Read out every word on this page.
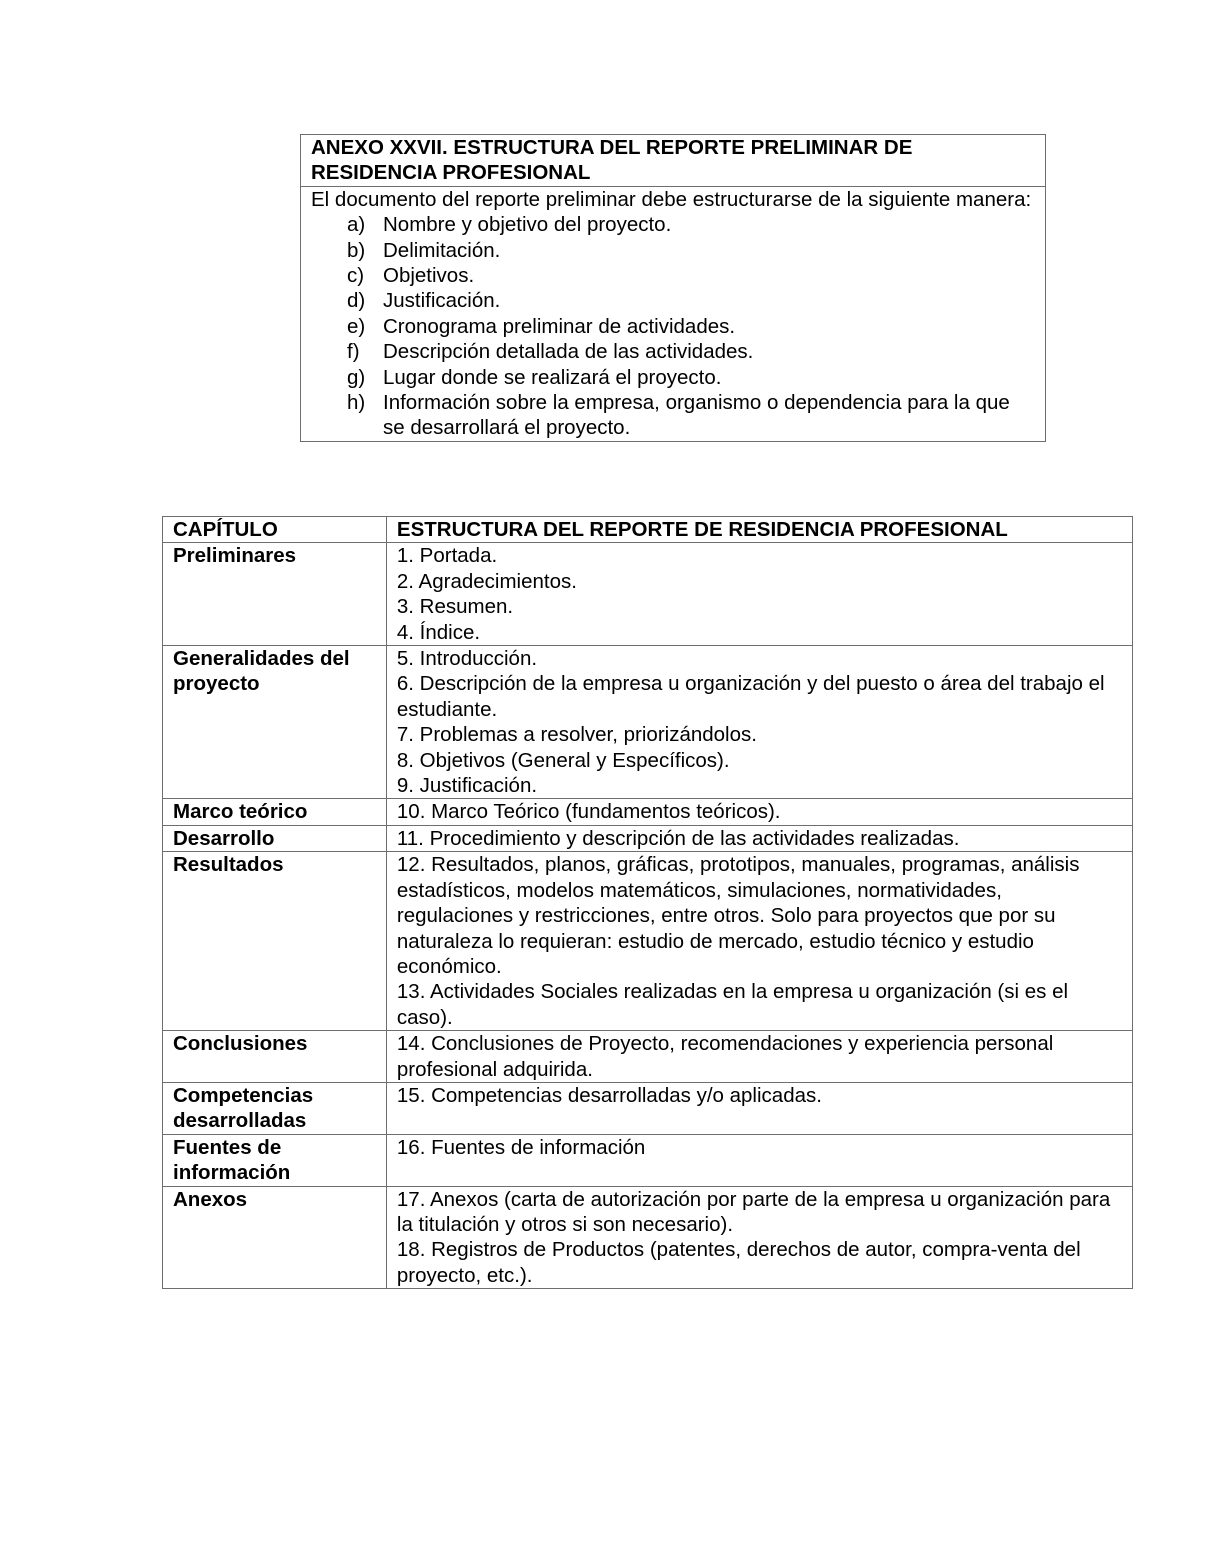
ANEXO XXVII. ESTRUCTURA DEL REPORTE PRELIMINAR DE RESIDENCIA PROFESIONAL

El documento del reporte preliminar debe estructurarse de la siguiente manera:
a) Nombre y objetivo del proyecto.
b) Delimitación.
c) Objetivos.
d) Justificación.
e) Cronograma preliminar de actividades.
f)	Descripción detallada de las actividades.
g) Lugar donde se realizará el proyecto.
h) Información sobre la empresa, organismo o dependencia para la que se desarrollará el proyecto.
CAPÍTULO	ESTRUCTURA DEL REPORTE DE RESIDENCIA PROFESIONAL
Preliminares	1. Portada.
2. Agradecimientos.
3. Resumen.
4. Índice.

Generalidades del proyecto	5. Introducción.
6. Descripción de la empresa u organización y del puesto o área del trabajo el estudiante.
7. Problemas a resolver, priorizándolos.
8. Objetivos (General y Específicos).
9. Justificación.

Marco teórico	10. Marco Teórico (fundamentos teóricos).

Desarrollo	11. Procedimiento y descripción de las actividades realizadas.

Resultados	12. Resultados, planos, gráficas, prototipos, manuales, programas, análisis estadísticos, modelos matemáticos, simulaciones, normatividades, regulaciones y restricciones, entre otros. Solo para proyectos que por su naturaleza lo requieran: estudio de mercado, estudio técnico y estudio económico.
13. Actividades Sociales realizadas en la empresa u organización (si es el caso).

Conclusiones	14. Conclusiones de Proyecto, recomendaciones y experiencia personal profesional adquirida.

Competencias desarrolladas	15. Competencias desarrolladas y/o aplicadas.

Fuentes de información	16. Fuentes de información

Anexos	17. Anexos (carta de autorización por parte de la empresa u organización para la titulación y otros si son necesario).
18. Registros de Productos (patentes, derechos de autor, compra-venta del proyecto, etc.).
